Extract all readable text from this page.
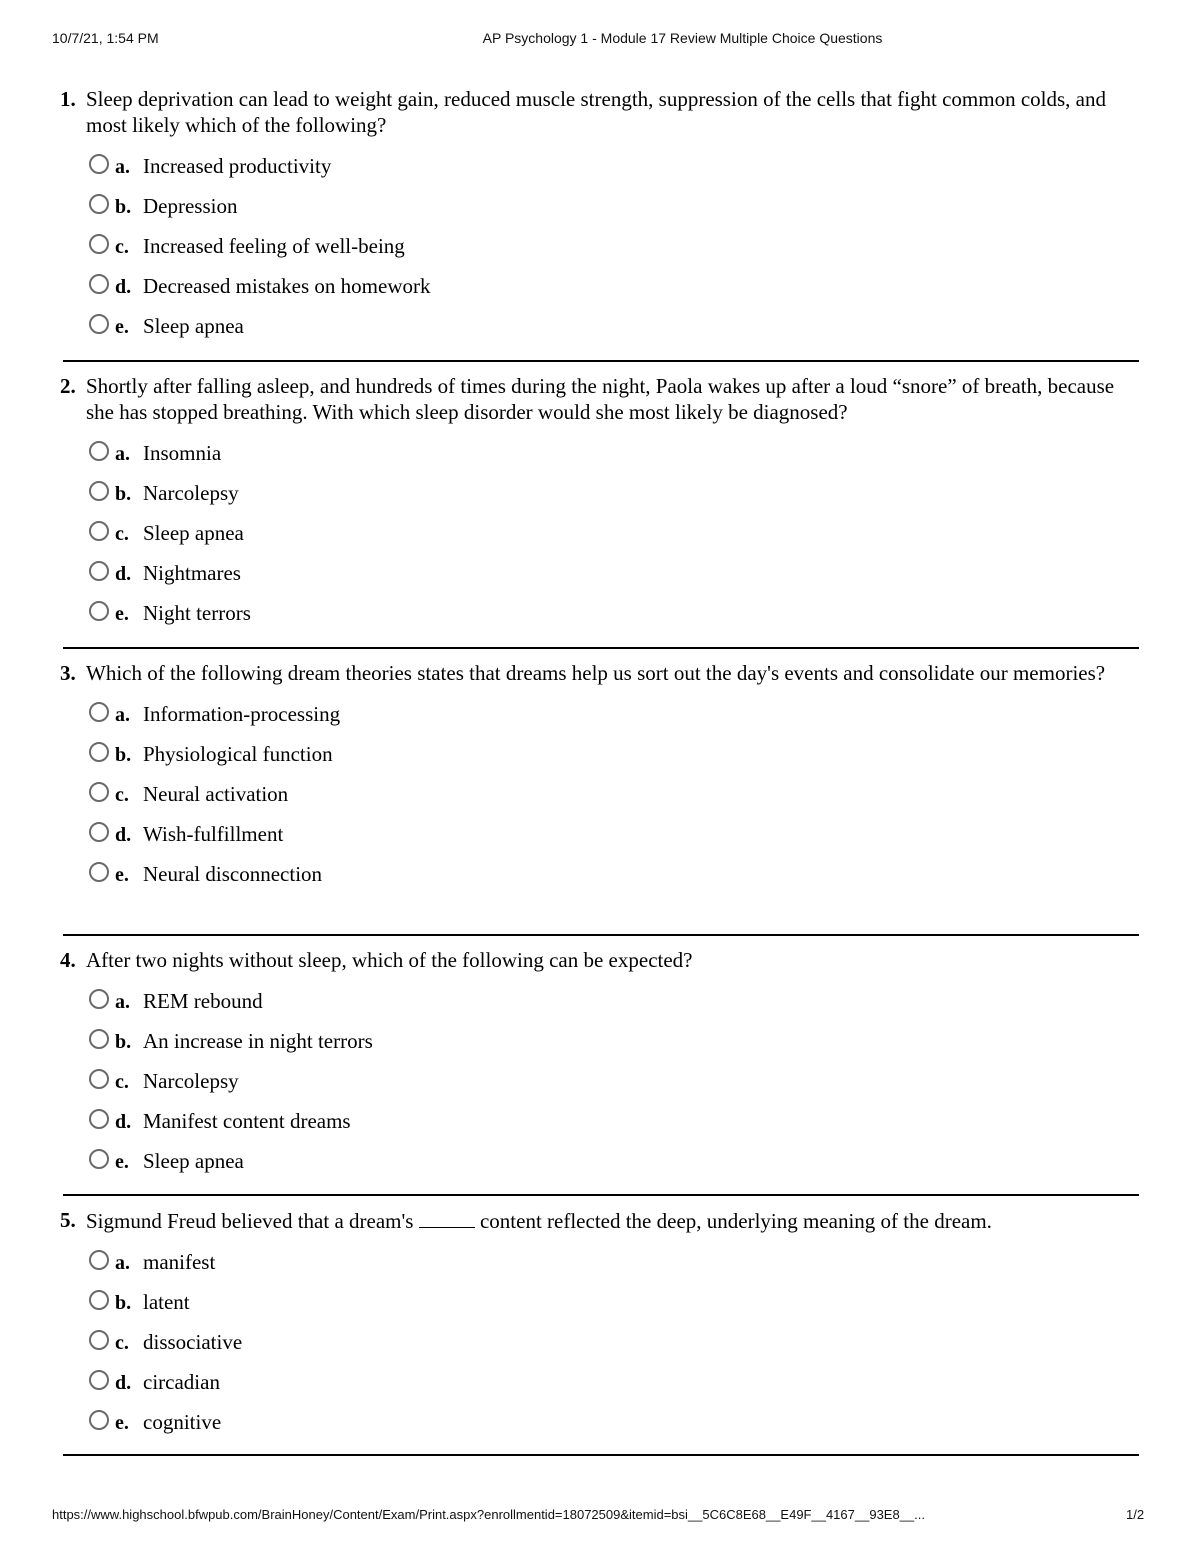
10/7/21, 1:54 PM	AP Psychology 1 - Module 17 Review Multiple Choice Questions
1. Sleep deprivation can lead to weight gain, reduced muscle strength, suppression of the cells that fight common colds, and most likely which of the following?
a. Increased productivity
b. Depression
c. Increased feeling of well-being
d. Decreased mistakes on homework
e. Sleep apnea
2. Shortly after falling asleep, and hundreds of times during the night, Paola wakes up after a loud “snore” of breath, because she has stopped breathing. With which sleep disorder would she most likely be diagnosed?
a. Insomnia
b. Narcolepsy
c. Sleep apnea
d. Nightmares
e. Night terrors
3. Which of the following dream theories states that dreams help us sort out the day's events and consolidate our memories?
a. Information-processing
b. Physiological function
c. Neural activation
d. Wish-fulfillment
e. Neural disconnection
4. After two nights without sleep, which of the following can be expected?
a. REM rebound
b. An increase in night terrors
c. Narcolepsy
d. Manifest content dreams
e. Sleep apnea
5. Sigmund Freud believed that a dream's	content reflected the deep, underlying meaning of the dream.
a. manifest
b. latent
c. dissociative
d. circadian
e. cognitive
https://www.highschool.bfwpub.com/BrainHoney/Content/Exam/Print.aspx?enrollmentid=18072509&itemid=bsi__5C6C8E68__E49F__4167__93E8__...	1/2
